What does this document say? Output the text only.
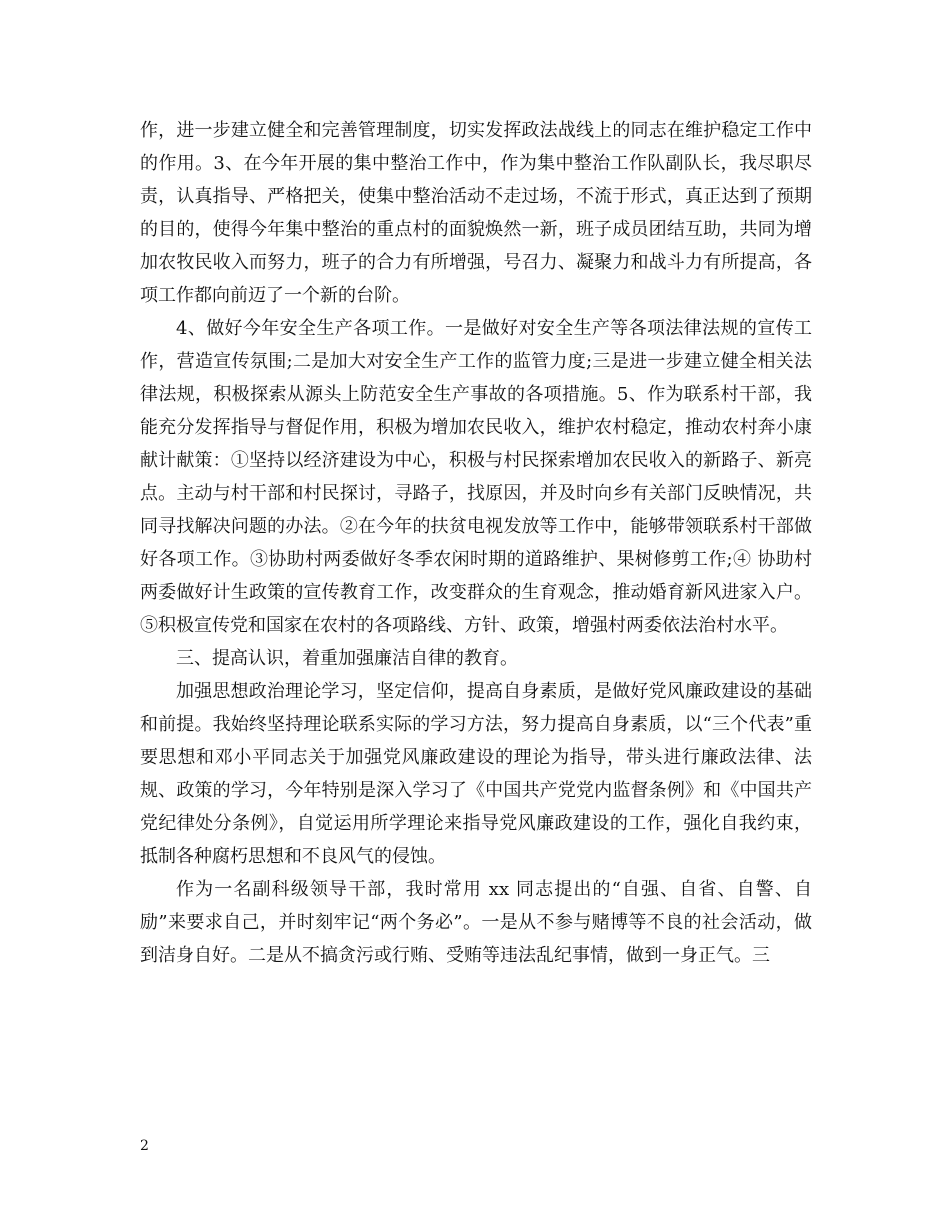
作，进一步建立健全和完善管理制度，切实发挥政法战线上的同志在维护稳定工作中的作用。3、在今年开展的集中整治工作中，作为集中整治工作队副队长，我尽职尽责，认真指导、严格把关，使集中整治活动不走过场，不流于形式，真正达到了预期的目的，使得今年集中整治的重点村的面貌焕然一新，班子成员团结互助，共同为增加农牧民收入而努力，班子的合力有所增强，号召力、凝聚力和战斗力有所提高，各项工作都向前迈了一个新的台阶。

4、做好今年安全生产各项工作。一是做好对安全生产等各项法律法规的宣传工作，营造宣传氛围;二是加大对安全生产工作的监管力度;三是进一步建立健全相关法律法规，积极探索从源头上防范安全生产事故的各项措施。5、作为联系村干部，我能充分发挥指导与督促作用，积极为增加农民收入，维护农村稳定，推动农村奔小康献计献策：①坚持以经济建设为中心，积极与村民探索增加农民收入的新路子、新亮点。主动与村干部和村民探讨，寻路子，找原因，并及时向乡有关部门反映情况，共同寻找解决问题的办法。②在今年的扶贫电视发放等工作中，能够带领联系村干部做好各项工作。③协助村两委做好冬季农闲时期的道路维护、果树修剪工作;④ 协助村两委做好计生政策的宣传教育工作，改变群众的生育观念，推动婚育新风进家入户。⑤积极宣传党和国家在农村的各项路线、方针、政策，增强村两委依法治村水平。

三、提高认识，着重加强廉洁自律的教育。

加强思想政治理论学习，坚定信仰，提高自身素质，是做好党风廉政建设的基础和前提。我始终坚持理论联系实际的学习方法，努力提高自身素质，以“三个代表”重要思想和邓小平同志关于加强党风廉政建设的理论为指导，带头进行廉政法律、法规、政策的学习，今年特别是深入学习了《中国共产党党内监督条例》和《中国共产党纪律处分条例》，自觉运用所学理论来指导党风廉政建设的工作，强化自我约束，抵制各种腐朽思想和不良风气的侵蚀。

作为一名副科级领导干部，我时常用 xx 同志提出的“自强、自省、自警、自励”来要求自己，并时刻牢记“两个务必”。一是从不参与赌博等不良的社会活动，做到洁身自好。二是从不搞贪污或行贿、受贿等违法乱纪事情，做到一身正气。三

2
